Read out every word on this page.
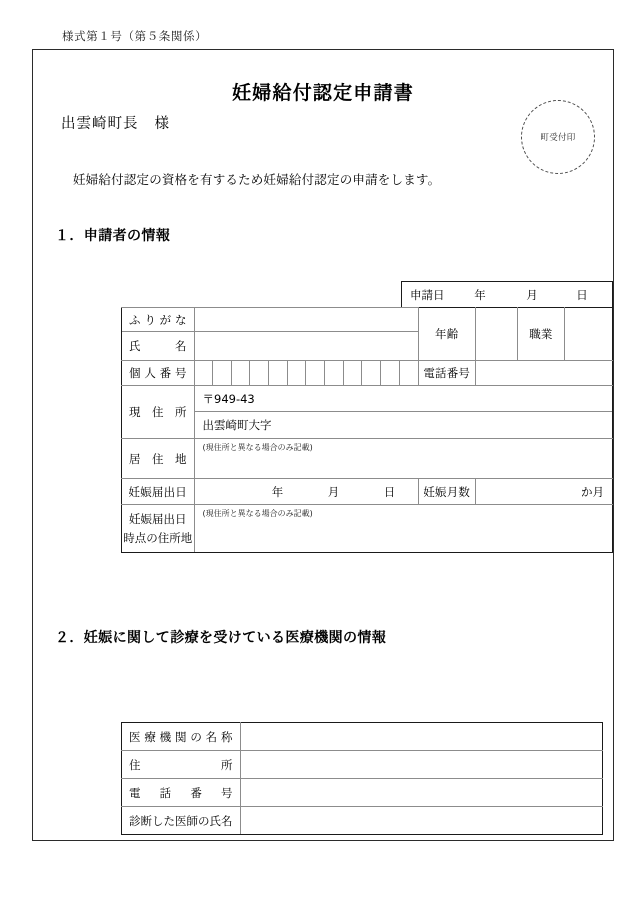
様式第１号（第５条関係）
妊婦給付認定申請書
出雲崎町長 様
町受付印
妊婦給付認定の資格を有するため妊婦給付認定の申請をします。
１．申請者の情報
申請日	年	月	日
ふりがな													年齢		職業	
氏　　名																
個 人 番 号													電話番号			
現　住　所	〒949-43															

	出雲崎町大字															

居　住　地	(現住所と異なる場合のみ記載)															

妊娠届出日	年 月 日												妊娠月数	か月		

妊娠届出日
時点の住所地	(現住所と異なる場合のみ記載)															
２．妊娠に関して診療を受けている医療機関の情報
医 療 機 関 の 名 称	
住　　　　　　所	
電　話　番　号	
診断した医師の氏名	
